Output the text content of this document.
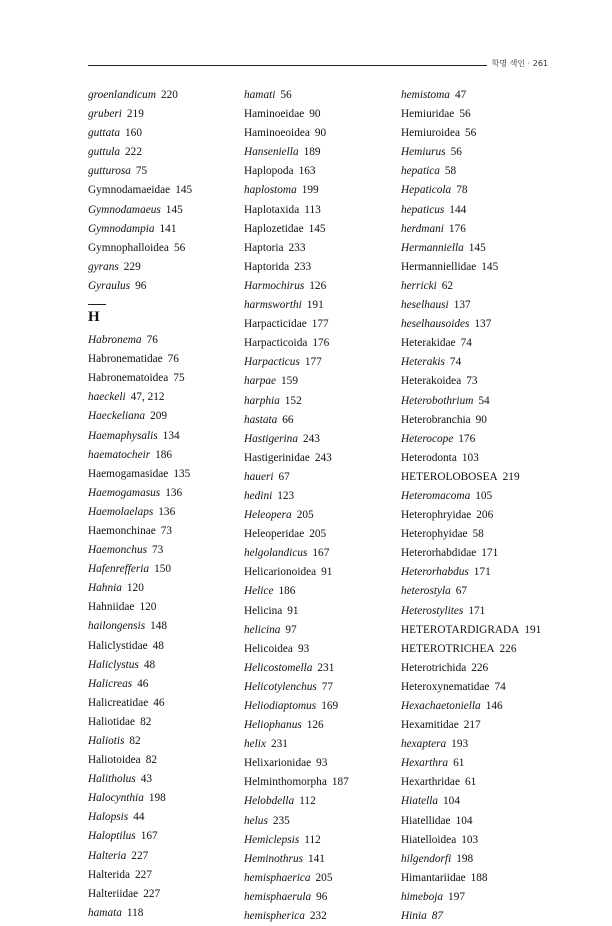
학명 색인 · 261
groenlandicum 220
gruberi 219
guttata 160
guttula 222
gutturosa 75
Gymnodamaeidae 145
Gymnodamaeus 145
Gymnodampia 141
Gymnophalloidea 56
gyrans 229
Gyraulus 96
H
Habronema 76
Habronematidae 76
Habronematoidea 75
haeckeli 47, 212
Haeckeliana 209
Haemaphysalis 134
haematocheir 186
Haemogamasidae 135
Haemogamasus 136
Haemolaelaps 136
Haemonchinae 73
Haemonchus 73
Hafenrefferia 150
Hahnia 120
Hahniidae 120
hailongensis 148
Haliclystidae 48
Haliclystus 48
Halicreas 46
Halicreatidae 46
Haliotidae 82
Haliotis 82
Haliotoidea 82
Halitholus 43
Halocynthia 198
Halopsis 44
Haloptilus 167
Halteria 227
Halterida 227
Halteriidae 227
hamata 118
hamati 56
Haminoeidae 90
Haminoeoidea 90
Hanseniella 189
Haplopoda 163
haplostoma 199
Haplotaxida 113
Haplozetidae 145
Haptoria 233
Haptorida 233
Harmochirus 126
harmsworthi 191
Harpacticidae 177
Harpacticoida 176
Harpacticus 177
harpae 159
harphia 152
hastata 66
Hastigerina 243
Hastigerinidae 243
haueri 67
hedini 123
Heleopera 205
Heleoperidae 205
helgolandicus 167
Helicarionoidea 91
Helice 186
Helicina 91
helicina 97
Helicoidea 93
Helicostomella 231
Helicotylenchus 77
Heliodiaptomus 169
Heliophanus 126
helix 231
Helixarionidae 93
Helminthomorpha 187
Helobdella 112
helus 235
Hemiclepsis 112
Heminothrus 141
hemisphaerica 205
hemisphaerula 96
hemispherica 232
hemistoma 47
Hemiuridae 56
Hemiuroidea 56
Hemiurus 56
hepatica 58
Hepaticola 78
hepaticus 144
herdmani 176
Hermanniella 145
Hermanniellidae 145
herricki 62
heselhausi 137
heselhausoides 137
Heterakidae 74
Heterakis 74
Heterakoidea 73
Heterobothrium 54
Heterobranchia 90
Heterocope 176
Heterodonta 103
HETEROLOBOSEA 219
Heteromacoma 105
Heterophryidae 206
Heterophyidae 58
Heterorhabdidae 171
Heterorhabdus 171
heterostyla 67
Heterostylites 171
HETEROTARDIGRADA 191
HETEROTRICHEA 226
Heterotrichida 226
Heteroxynematidae 74
Hexachaetoniella 146
Hexamitidae 217
hexaptera 193
Hexarthra 61
Hexarthridae 61
Hiatella 104
Hiatellidae 104
Hiatelloidea 103
hilgendorfi 198
Himantariidae 188
himeboja 197
Hinia 87
